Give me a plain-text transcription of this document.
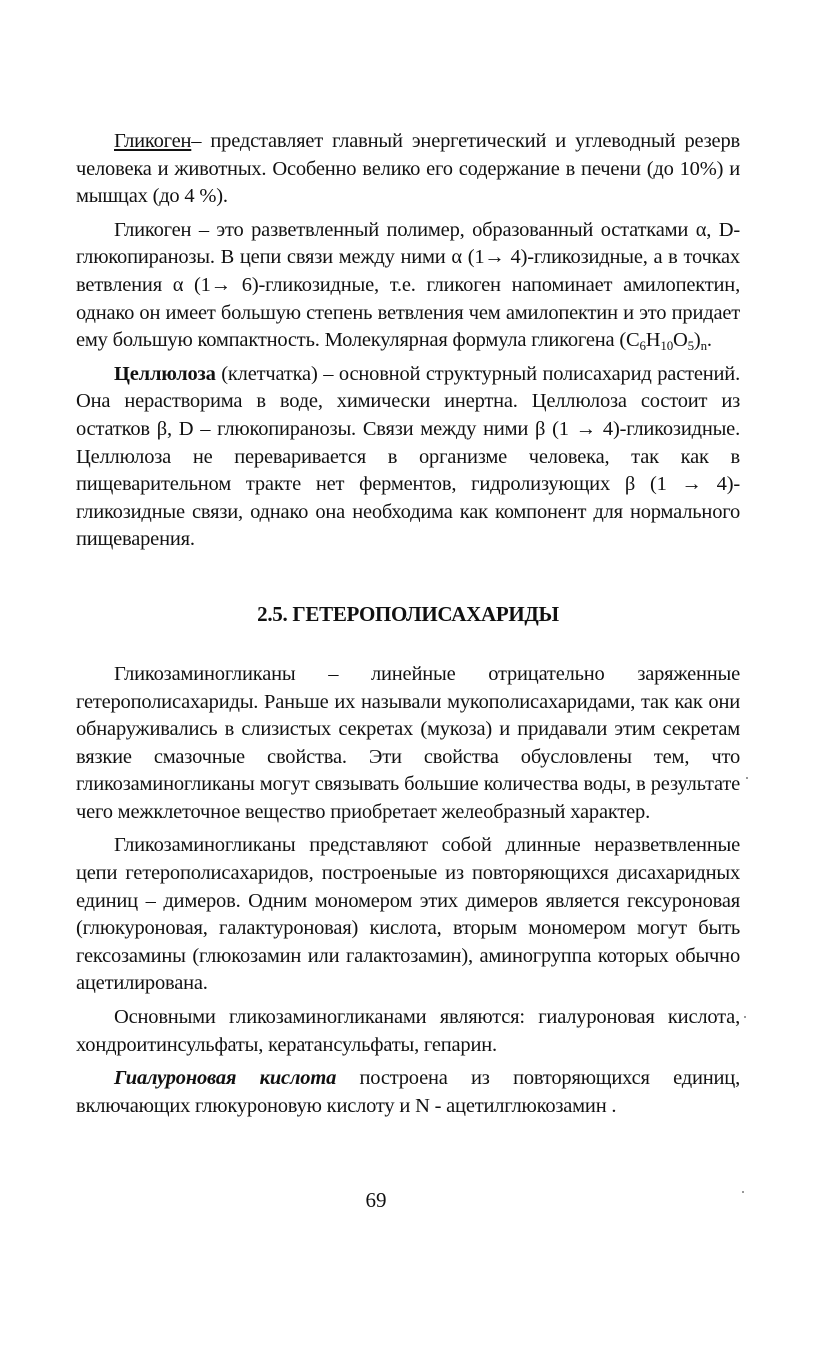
Гликоген– представляет главный энергетический и углеводный резерв человека и животных. Особенно велико его содержание в печени (до 10%) и мышцах (до 4 %).

Гликоген – это разветвленный полимер, образованный остатками α, D-глюкопиранозы. В цепи связи между ними α (1→ 4)-гликозидные, а в точках ветвления α (1→ 6)-гликозидные, т.е. гликоген напоминает амилопектин, однако он имеет большую степень ветвления чем амилопектин и это придает ему большую компактность. Молекулярная формула гликогена $(C_6H_{10}O_5)_n$.

Целлюлоза (клетчатка) – основной структурный полисахарид растений. Она нерастворима в воде, химически инертна. Целлюлоза состоит из остатков β, D – глюкопиранозы. Связи между ними β (1 → 4)-гликозидные. Целлюлоза не переваривается в организме человека, так как в пищеварительном тракте нет ферментов, гидролизующих β (1 → 4)-гликозидные связи, однако она необходима как компонент для нормального пищеварения.

2.5. ГЕТЕРОПОЛИСАХАРИДЫ

Гликозаминогликаны – линейные отрицательно заряженные гетерополисахариды. Раньше их называли мукополисахаридами, так как они обнаруживались в слизистых секретах (мукоза) и придавали этим секретам вязкие смазочные свойства. Эти свойства обусловлены тем, что гликозаминогликаны могут связывать большие количества воды, в результате чего межклеточное вещество приобретает желеобразный характер.

Гликозаминогликаны представляют собой длинные неразветвленные цепи гетерополисахаридов, построеныые из повторяющихся дисахаридных единиц – димеров. Одним мономером этих димеров является гексуроновая (глюкуроновая, галактуроновая) кислота, вторым мономером могут быть гексозамины (глюкозамин или галактозамин), аминогруппа которых обычно ацетилирована.

Основными гликозаминогликанами являются: гиалуроновая кислота, хондроитинсульфаты, кератансульфаты, гепарин.

Гиалуроновая кислота построена из повторяющихся единиц, включающих глюкуроновую кислоту и N - ацетилглюкозамин .

69
